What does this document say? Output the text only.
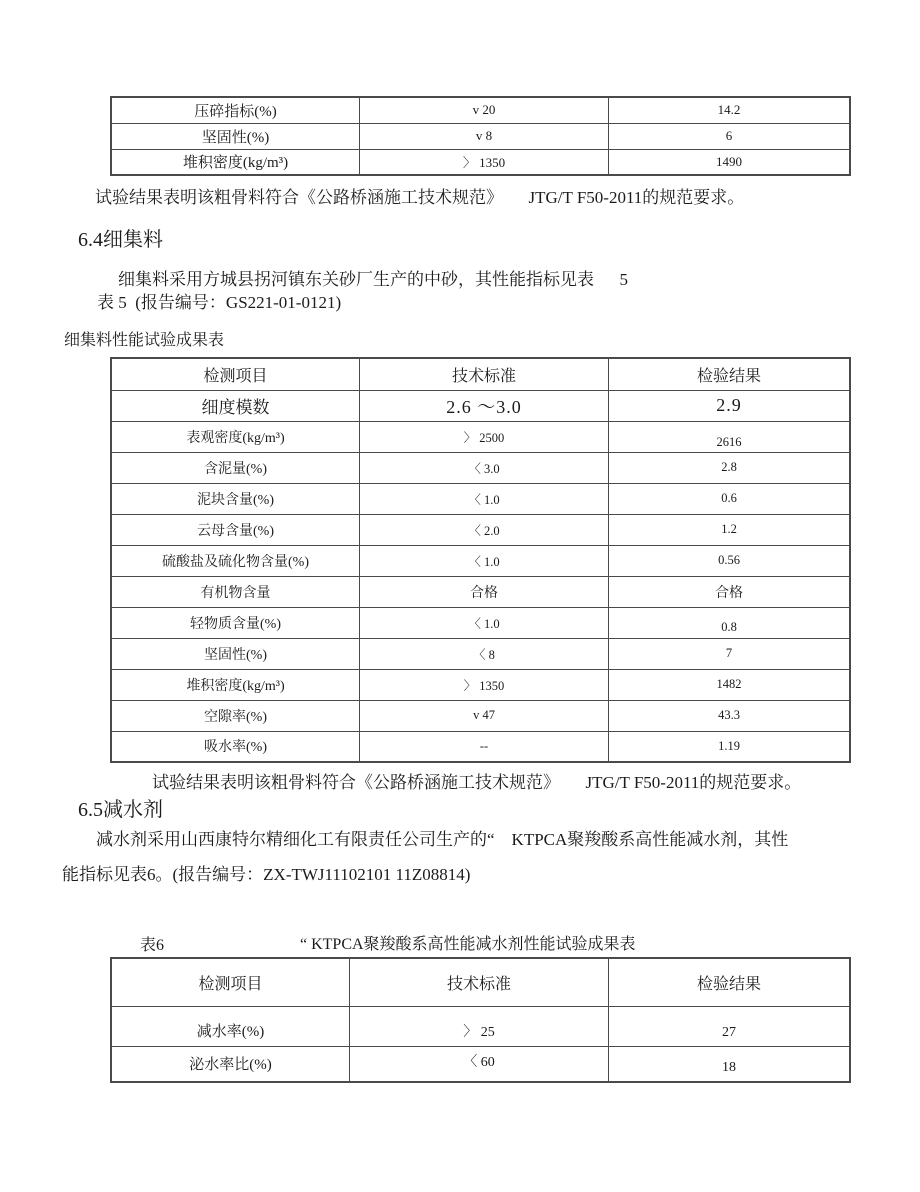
压碎指标(%)	v 20	14.2
坚固性(%)	v 8	6
堆积密度(kg/m³)	〉 1350	1490

试验结果表明该粗骨料符合《公路桥涵施工技术规范》      JTG/T F50-2011的规范要求。

6.4细集料

细集料采用方城县拐河镇东关砂厂生产的中砂，其性能指标见表      5

表 5  (报告编号：GS221-01-0121)

细集料性能试验成果表

检测项目	技术标准	检验结果
细度模数	2.6 ～3.0	2.9
表观密度(kg/m³)	〉 2500	2616
含泥量(%)	〈 3.0	2.8
泥块含量(%)	〈 1.0	0.6
云母含量(%)	〈 2.0	1.2
硫酸盐及硫化物含量(%)	〈 1.0	0.56
有机物含量	合格	合格
轻物质含量(%)	〈 1.0	0.8
坚固性(%)	〈 8	7
堆积密度(kg/m³)	〉 1350	1482
空隙率(%)	v 47	43.3
吸水率(%)	--	1.19

试验结果表明该粗骨料符合《公路桥涵施工技术规范》      JTG/T F50-2011的规范要求。

6.5减水剂

减水剂采用山西康特尔精细化工有限责任公司生产的“    KTPCA聚羧酸系高性能减水剂，其性

能指标见表6。(报告编号：ZX-TWJ11102101 11Z08814)

表6	“ KTPCA聚羧酸系高性能减水剂性能试验成果表
检测项目	技术标准	检验结果
减水率(%)	〉 25	27
泌水率比(%)	〈 60	18
